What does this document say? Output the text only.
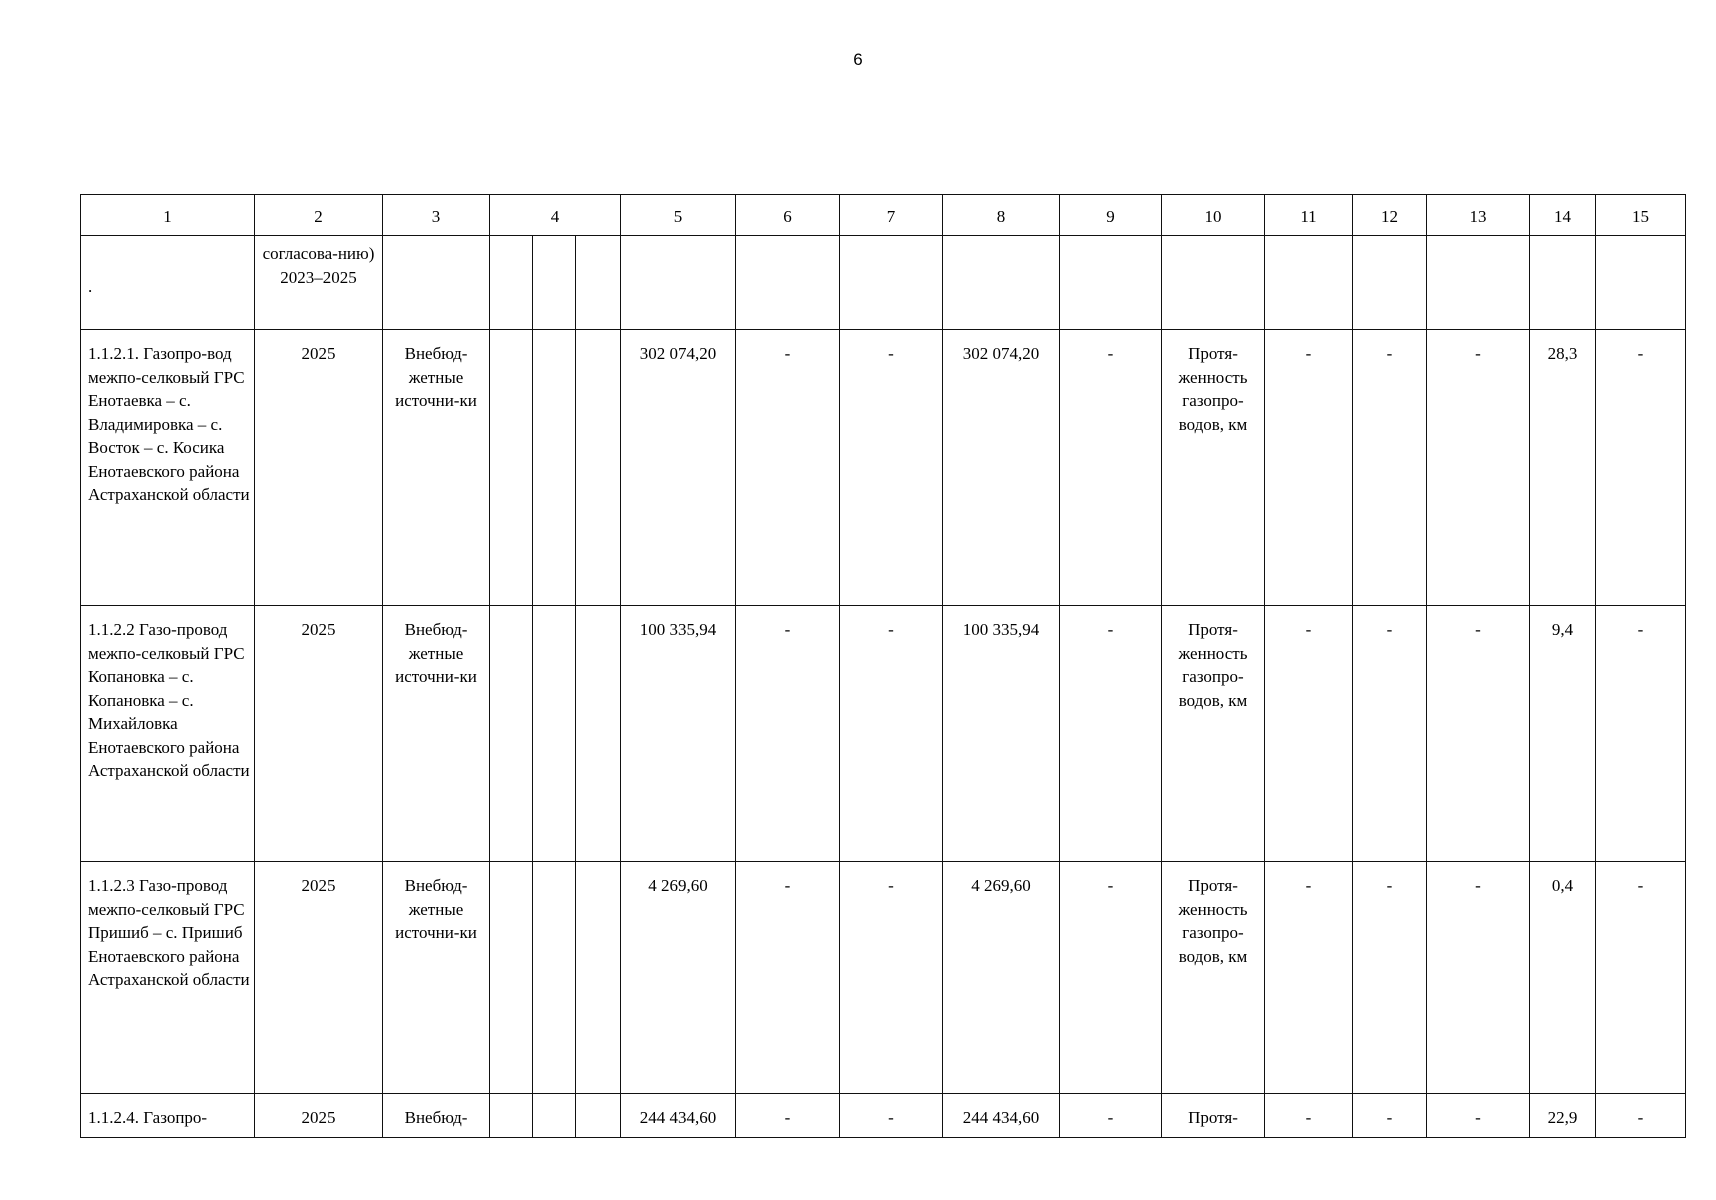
6
1	2	3	4			5	6	7	8	9	10	11	12	13	14	15
.	согласова-нию) 2023–2025															
1.1.2.1. Газопро-вод межпо-селковый ГРС Енотаевка – с. Владимировка – с. Восток – с. Косика Енотаевского района Астраханской области	2025	Внебюд-жетные источни-ки				302 074,20	-	-	302 074,20	-	Протя-женность газопро-водов, км	-	-	-	28,3	-
1.1.2.2 Газо-провод межпо-селковый ГРС Копановка – с. Копановка – с. Михайловка Енотаевского района Астраханской области	2025	Внебюд-жетные источни-ки				100 335,94	-	-	100 335,94	-	Протя-женность газопро-водов, км	-	-	-	9,4	-
1.1.2.3 Газо-провод межпо-селковый ГРС Пришиб – с. Пришиб Енотаевского района Астраханской области	2025	Внебюд-жетные источни-ки				4 269,60	-	-	4 269,60	-	Протя-женность газопро-водов, км	-	-	-	0,4	-
1.1.2.4. Газопро-	2025	Внебюд-				244 434,60	-	-	244 434,60	-	Протя-	-	-	-	22,9	-
